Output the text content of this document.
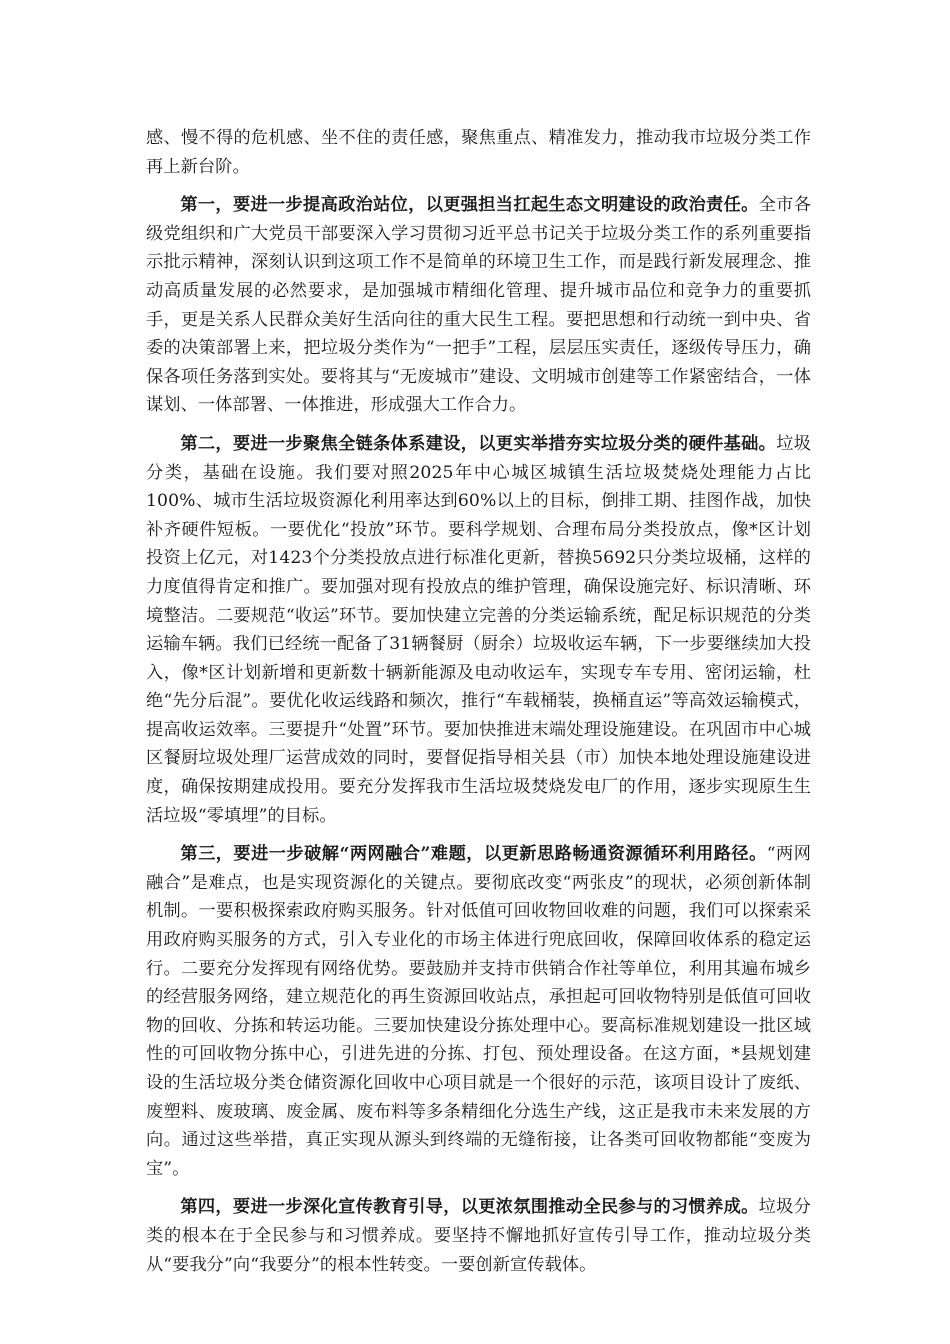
感、慢不得的危机感、坐不住的责任感，聚焦重点、精准发力，推动我市垃圾分类工作再上新台阶。

第一，要进一步提高政治站位，以更强担当扛起生态文明建设的政治责任。全市各级党组织和广大党员干部要深入学习贯彻习近平总书记关于垃圾分类工作的系列重要指示批示精神，深刻认识到这项工作不是简单的环境卫生工作，而是践行新发展理念、推动高质量发展的必然要求，是加强城市精细化管理、提升城市品位和竞争力的重要抓手，更是关系人民群众美好生活向往的重大民生工程。要把思想和行动统一到中央、省委的决策部署上来，把垃圾分类作为“一把手”工程，层层压实责任，逐级传导压力，确保各项任务落到实处。要将其与“无废城市”建设、文明城市创建等工作紧密结合，一体谋划、一体部署、一体推进，形成强大工作合力。

第二，要进一步聚焦全链条体系建设，以更实举措夯实垃圾分类的硬件基础。垃圾分类，基础在设施。我们要对照2025年中心城区城镇生活垃圾焚烧处理能力占比100%、城市生活垃圾资源化利用率达到60%以上的目标，倒排工期、挂图作战，加快补齐硬件短板。一要优化“投放”环节。要科学规划、合理布局分类投放点，像*区计划投资上亿元，对1423个分类投放点进行标准化更新，替换5692只分类垃圾桶，这样的力度值得肯定和推广。要加强对现有投放点的维护管理，确保设施完好、标识清晰、环境整洁。二要规范“收运”环节。要加快建立完善的分类运输系统，配足标识规范的分类运输车辆。我们已经统一配备了31辆餐厨（厨余）垃圾收运车辆，下一步要继续加大投入，像*区计划新增和更新数十辆新能源及电动收运车，实现专车专用、密闭运输，杜绝“先分后混”。要优化收运线路和频次，推行“车载桶装，换桶直运”等高效运输模式，提高收运效率。三要提升“处置”环节。要加快推进末端处理设施建设。在巩固市中心城区餐厨垃圾处理厂运营成效的同时，要督促指导相关县（市）加快本地处理设施建设进度，确保按期建成投用。要充分发挥我市生活垃圾焚烧发电厂的作用，逐步实现原生生活垃圾“零填埋”的目标。

第三，要进一步破解“两网融合”难题，以更新思路畅通资源循环利用路径。“两网融合”是难点，也是实现资源化的关键点。要彻底改变“两张皮”的现状，必须创新体制机制。一要积极探索政府购买服务。针对低值可回收物回收难的问题，我们可以探索采用政府购买服务的方式，引入专业化的市场主体进行兜底回收，保障回收体系的稳定运行。二要充分发挥现有网络优势。要鼓励并支持市供销合作社等单位，利用其遍布城乡的经营服务网络，建立规范化的再生资源回收站点，承担起可回收物特别是低值可回收物的回收、分拣和转运功能。三要加快建设分拣处理中心。要高标准规划建设一批区域性的可回收物分拣中心，引进先进的分拣、打包、预处理设备。在这方面，*县规划建设的生活垃圾分类仓储资源化回收中心项目就是一个很好的示范，该项目设计了废纸、废塑料、废玻璃、废金属、废布料等多条精细化分选生产线，这正是我市未来发展的方向。通过这些举措，真正实现从源头到终端的无缝衔接，让各类可回收物都能“变废为宝”。

第四，要进一步深化宣传教育引导，以更浓氛围推动全民参与的习惯养成。垃圾分类的根本在于全民参与和习惯养成。要坚持不懈地抓好宣传引导工作，推动垃圾分类从“要我分”向“我要分”的根本性转变。一要创新宣传载体。
